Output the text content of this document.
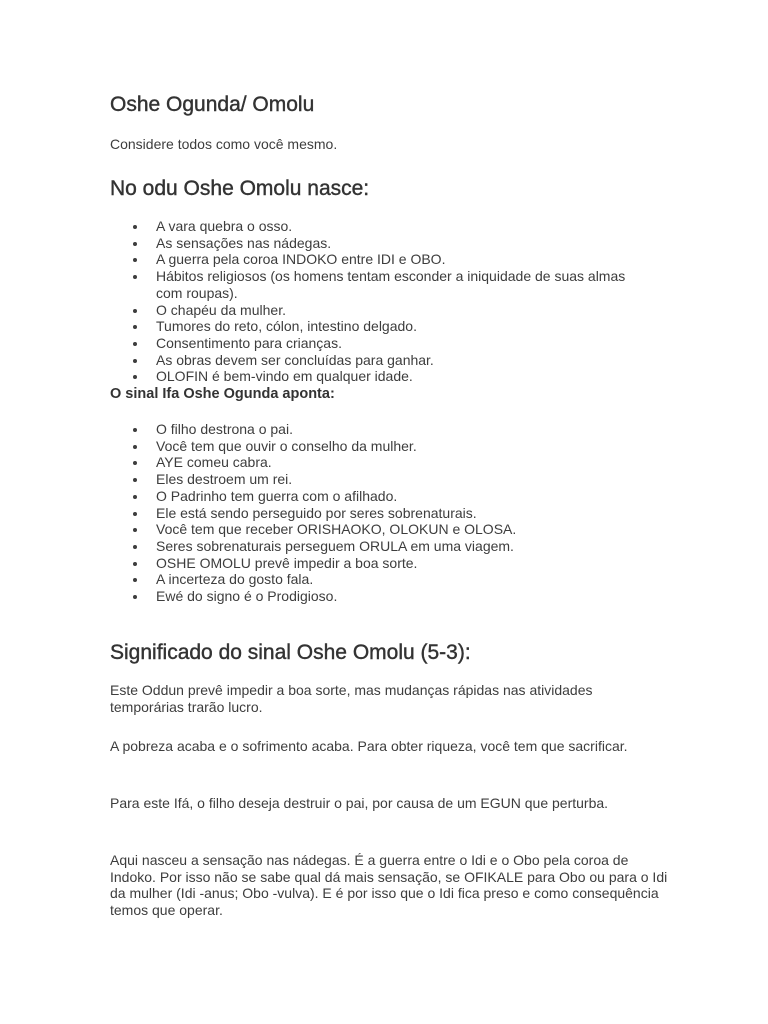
Oshe Ogunda/ Omolu

Considere todos como você mesmo.

No odu Oshe Omolu nasce:
A vara quebra o osso.
As sensações nas nádegas.
A guerra pela coroa INDOKO entre IDI e OBO.
Hábitos religiosos (os homens tentam esconder a iniquidade de suas almas com roupas).
O chapéu da mulher.
Tumores do reto, cólon, intestino delgado.
Consentimento para crianças.
As obras devem ser concluídas para ganhar.
OLOFIN é bem-vindo em qualquer idade.

O sinal Ifa Oshe Ogunda aponta:

O filho destrona o pai.
Você tem que ouvir o conselho da mulher.
AYE comeu cabra.
Eles destroem um rei.
O Padrinho tem guerra com o afilhado.
Ele está sendo perseguido por seres sobrenaturais.
Você tem que receber ORISHAOKO, OLOKUN e OLOSA.
Seres sobrenaturais perseguem ORULA em uma viagem.
OSHE OMOLU prevê impedir a boa sorte.
A incerteza do gosto fala.
Ewé do signo é o Prodigioso.
Significado do sinal Oshe Omolu (5-3):

Este Oddun prevê impedir a boa sorte, mas mudanças rápidas nas atividades temporárias trarão lucro.

A pobreza acaba e o sofrimento acaba. Para obter riqueza, você tem que sacrificar.

Para este Ifá, o filho deseja destruir o pai, por causa de um EGUN que perturba.

Aqui nasceu a sensação nas nádegas. É a guerra entre o Idi e o Obo pela coroa de Indoko. Por isso não se sabe qual dá mais sensação, se OFIKALE para Obo ou para o Idi da mulher (Idi -anus; Obo -vulva). E é por isso que o Idi fica preso e como consequência temos que operar.
